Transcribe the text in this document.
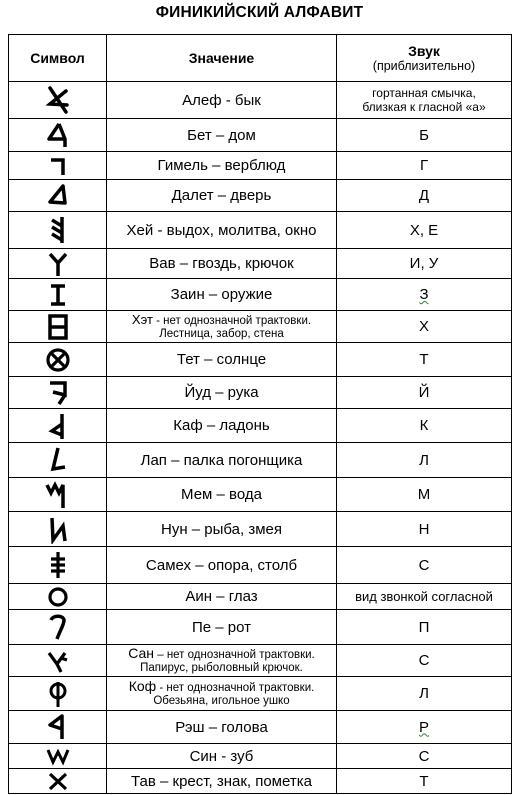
ФИНИКИЙСКИЙ АЛФАВИТ
Символ	Значение	Звук
(приблизительно)

	Алеф - бык	гортанная смычка,
близкая к гласной «а»

	Бет – дом	Б

	Гимель – верблюд	Г

	Далет – дверь	Д

	Хей - выдох, молитва, окно	Х, Е

	Вав – гвоздь, крючок	И, У

	Заин – оружие	З

Хэт - нет однозначной трактовки.
Лестница, забор, стена	Х

	Тет – солнце	Т

	Йуд – рука	Й

	Каф – ладонь	К

	Лап – палка погонщика	Л

	Мем – вода	М

	Нун – рыба, змея	Н

	Самех – опора, столб	С

	Аин – глаз	вид звонкой согласной

	Пе – рот	П

Сан – нет однозначной трактовки.
Папирус, рыболовный крючок.	С

Коф - нет однозначной трактовки.
Обезьяна, игольное ушко	Л

	Рэш – голова	Р

	Син - зуб	С

	Тав – крест, знак, пометка	Т
